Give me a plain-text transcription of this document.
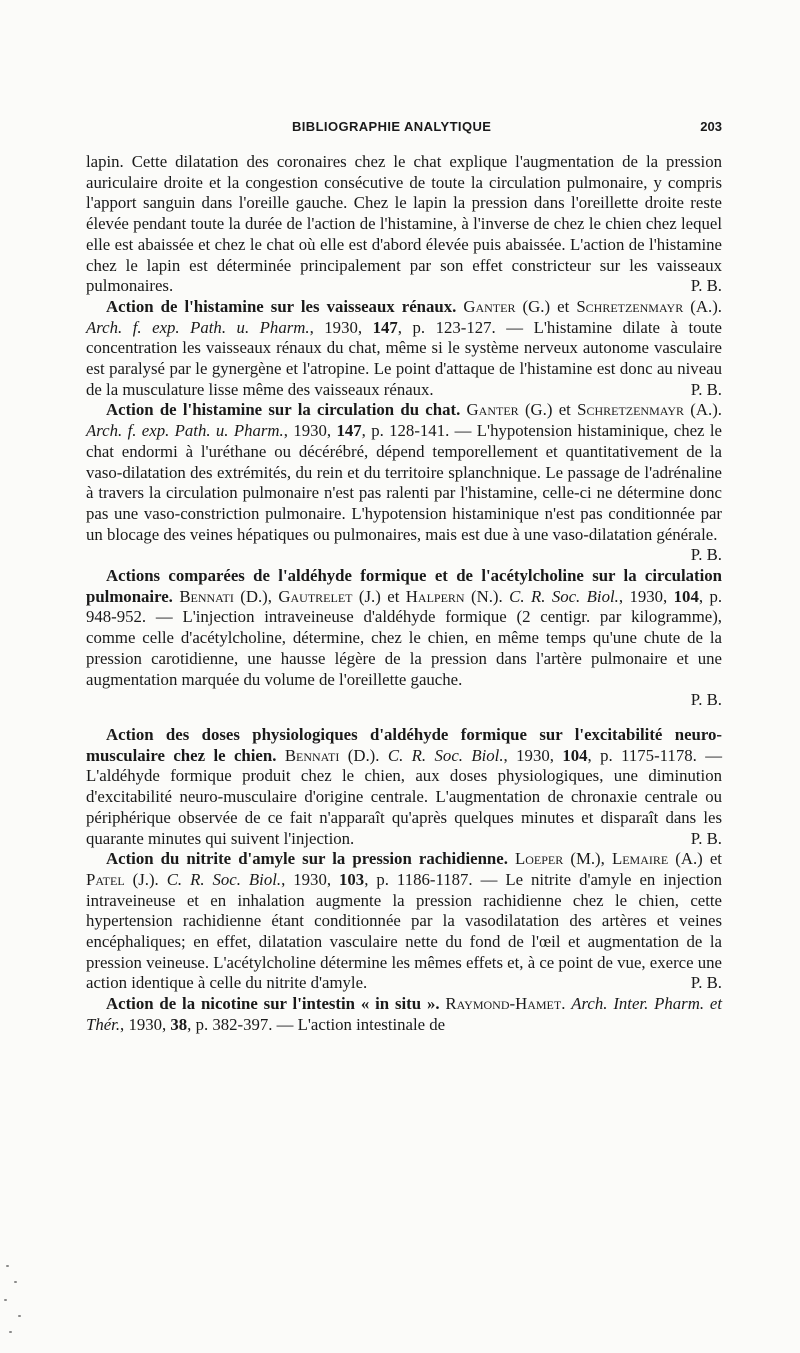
BIBLIOGRAPHIE ANALYTIQUE	203

lapin. Cette dilatation des coronaires chez le chat explique l'augmentation de la pression auriculaire droite et la congestion consécutive de toute la circulation pulmonaire, y compris l'apport sanguin dans l'oreille gauche. Chez le lapin la pression dans l'oreillette droite reste élevée pendant toute la durée de l'action de l'histamine, à l'inverse de chez le chien chez lequel elle est abaissée et chez le chat où elle est d'abord élevée puis abaissée. L'action de l'histamine chez le lapin est déterminée principalement par son effet constricteur sur les vaisseaux pulmonaires.	P. B.

Action de l'histamine sur les vaisseaux rénaux. Ganter (G.) et Schretzenmayr (A.). Arch. f. exp. Path. u. Pharm., 1930, 147, p. 123-127. — L'histamine dilate à toute concentration les vaisseaux rénaux du chat, même si le système nerveux autonome vasculaire est paralysé par le gynergène et l'atropine. Le point d'attaque de l'histamine est donc au niveau de la musculature lisse même des vaisseaux rénaux.	P. B.

Action de l'histamine sur la circulation du chat. Ganter (G.) et Schretzenmayr (A.). Arch. f. exp. Path. u. Pharm., 1930, 147, p. 128-141. — L'hypotension histaminique, chez le chat endormi à l'uréthane ou décérébré, dépend temporellement et quantitativement de la vaso-dilatation des extrémités, du rein et du territoire splanchnique. Le passage de l'adrénaline à travers la circulation pulmonaire n'est pas ralenti par l'histamine, celle-ci ne détermine donc pas une vaso-constriction pulmonaire. L'hypotension histaminique n'est pas conditionnée par un blocage des veines hépatiques ou pulmonaires, mais est due à une vaso-dilatation générale.
P. B.

Actions comparées de l'aldéhyde formique et de l'acétylcholine sur la circulation pulmonaire. Bennati (D.), Gautrelet (J.) et Halpern (N.). C. R. Soc. Biol., 1930, 104, p. 948-952. — L'injection intraveineuse d'aldéhyde formique (2 centigr. par kilogramme), comme celle d'acétylcholine, détermine, chez le chien, en même temps qu'une chute de la pression carotidienne, une hausse légère de la pression dans l'artère pulmonaire et une augmentation marquée du volume de l'oreillette gauche.
P. B.

Action des doses physiologiques d'aldéhyde formique sur l'excitabilité neuro-musculaire chez le chien. Bennati (D.). C. R. Soc. Biol., 1930, 104, p. 1175-1178. — L'aldéhyde formique produit chez le chien, aux doses physiologiques, une diminution d'excitabilité neuro-musculaire d'origine centrale. L'augmentation de chronaxie centrale ou périphérique observée de ce fait n'apparaît qu'après quelques minutes et disparaît dans les quarante minutes qui suivent l'injection.	P. B.

Action du nitrite d'amyle sur la pression rachidienne. Loeper (M.), Lemaire (A.) et Patel (J.). C. R. Soc. Biol., 1930, 103, p. 1186-1187. — Le nitrite d'amyle en injection intraveineuse et en inhalation augmente la pression rachidienne chez le chien, cette hypertension rachidienne étant conditionnée par la vasodilatation des artères et veines encéphaliques; en effet, dilatation vasculaire nette du fond de l'œil et augmentation de la pression veineuse. L'acétylcholine détermine les mêmes effets et, à ce point de vue, exerce une action identique à celle du nitrite d'amyle.	P. B.

Action de la nicotine sur l'intestin « in situ ». Raymond-Hamet. Arch. Inter. Pharm. et Thér., 1930, 38, p. 382-397. — L'action intestinale de
